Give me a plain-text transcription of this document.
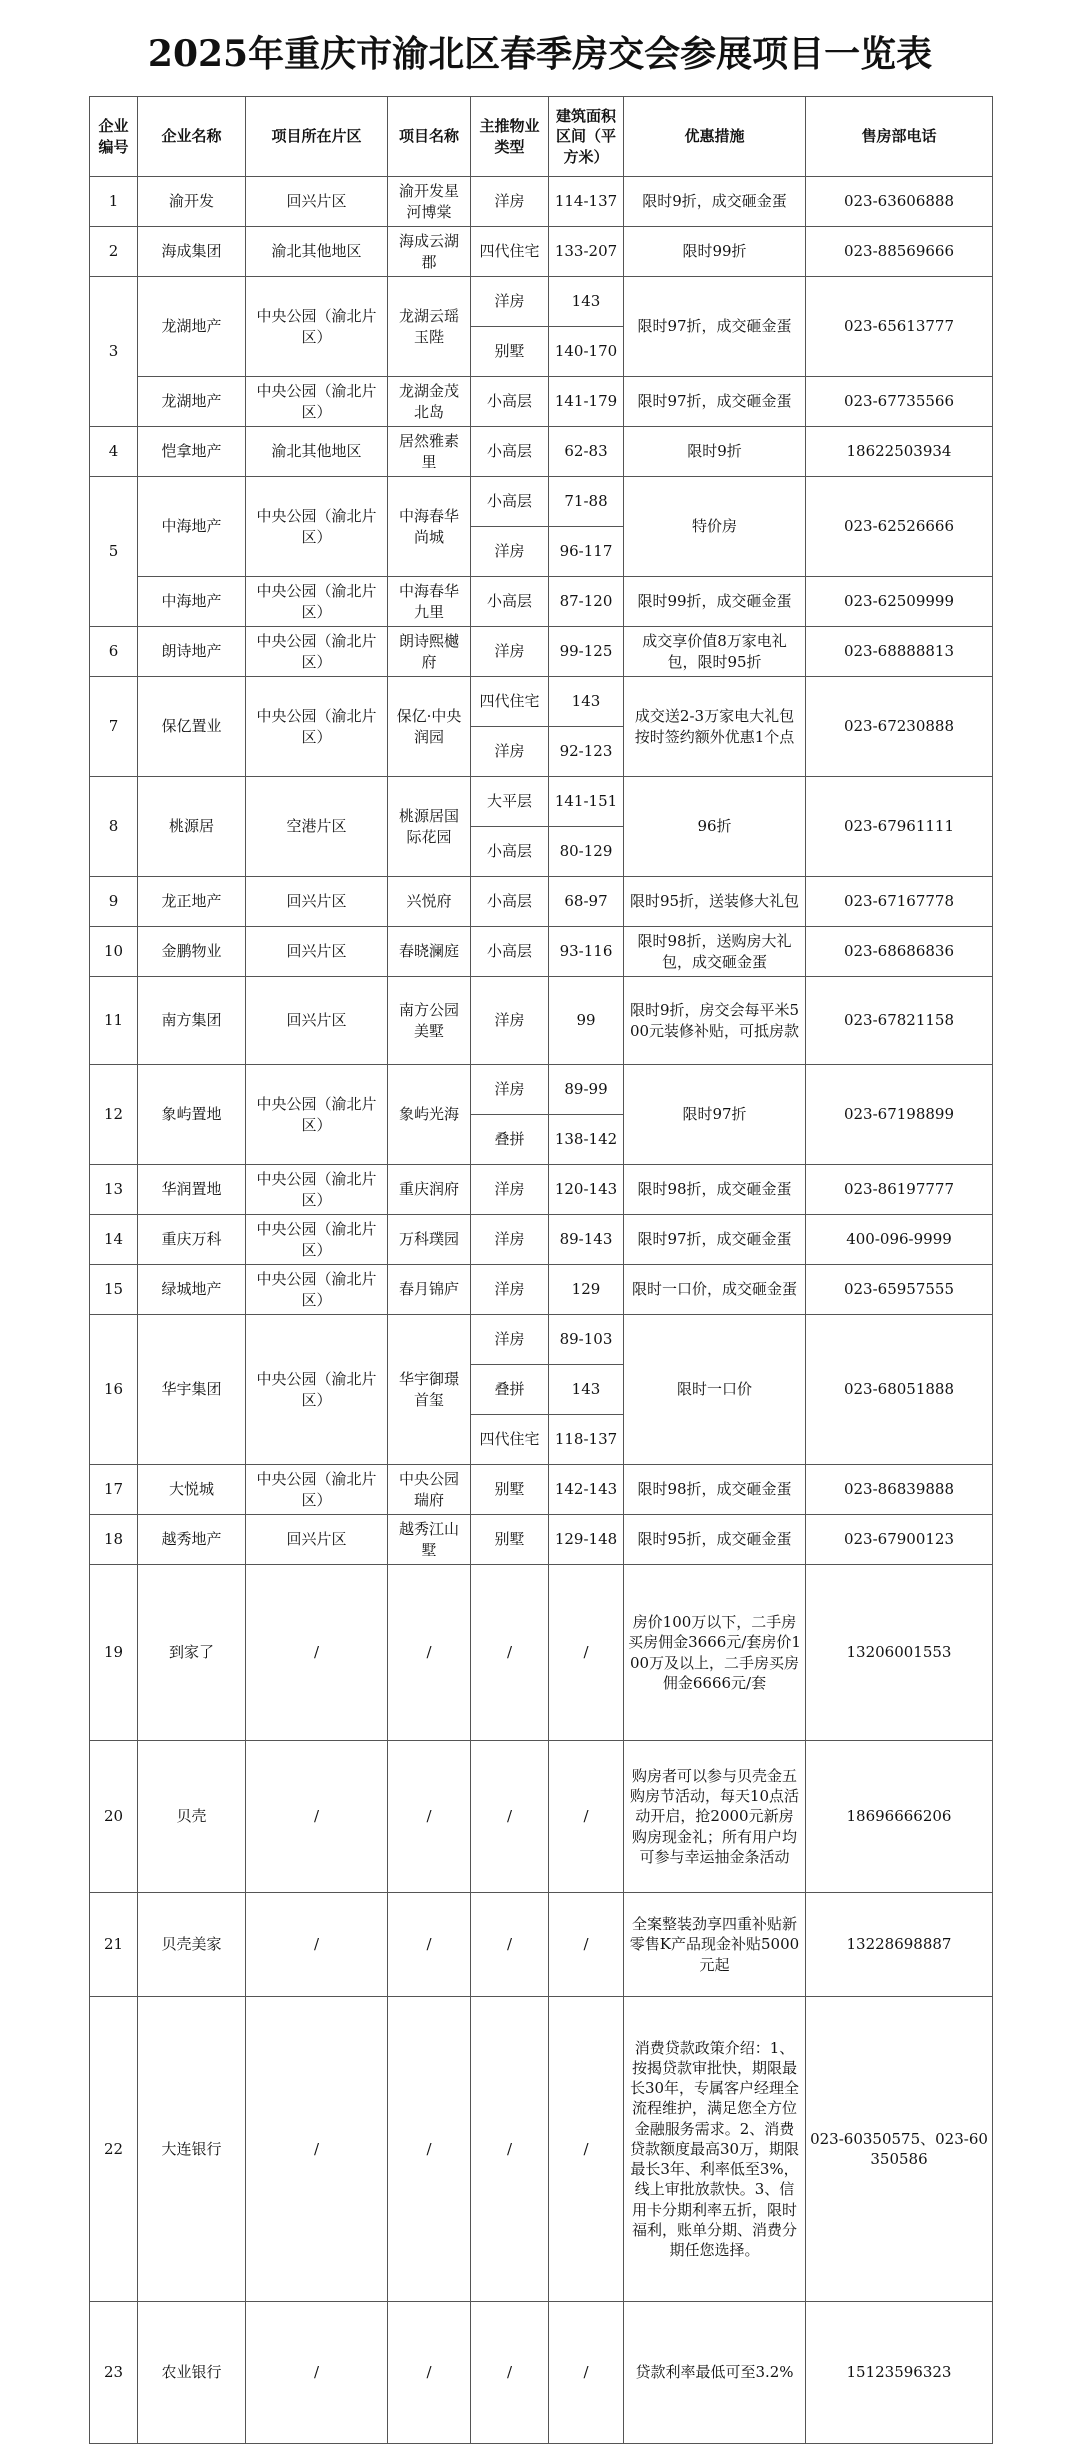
2025年重庆市渝北区春季房交会参展项目一览表
企业编号	企业名称	项目所在片区	项目名称	主推物业类型	建筑面积区间（平方米）	优惠措施	售房部电话
1	渝开发	回兴片区	渝开发星河博棠	洋房	114-137	限时9折，成交砸金蛋	023-63606888
2	海成集团	渝北其他地区	海成云湖郡	四代住宅	133-207	限时99折	023-88569666
3	龙湖地产	中央公园（渝北片区）	龙湖云瑶玉陛	洋房	143	限时97折，成交砸金蛋	023-65613777
				别墅	140-170		
	龙湖地产	中央公园（渝北片区）	龙湖金茂北岛	小高层	141-179	限时97折，成交砸金蛋	023-67735566
4	恺拿地产	渝北其他地区	居然雅素里	小高层	62-83	限时9折	18622503934
5	中海地产	中央公园（渝北片区）	中海春华尚城	小高层	71-88	特价房	023-62526666
				洋房	96-117		
	中海地产	中央公园（渝北片区）	中海春华九里	小高层	87-120	限时99折，成交砸金蛋	023-62509999
6	朗诗地产	中央公园（渝北片区）	朗诗熙樾府	洋房	99-125	成交享价值8万家电礼包，限时95折	023-68888813
7	保亿置业	中央公园（渝北片区）	保亿·中央润园	四代住宅	143	成交送2-3万家电大礼包按时签约额外优惠1个点	023-67230888
				洋房	92-123		
8	桃源居	空港片区	桃源居国际花园	大平层	141-151	96折	023-67961111
				小高层	80-129		
9	龙正地产	回兴片区	兴悦府	小高层	68-97	限时95折，送装修大礼包	023-67167778
10	金鹏物业	回兴片区	春晓澜庭	小高层	93-116	限时98折，送购房大礼包，成交砸金蛋	023-68686836
11	南方集团	回兴片区	南方公园美墅	洋房	99	限时9折，房交会每平米500元装修补贴，可抵房款	023-67821158
12	象屿置地	中央公园（渝北片区）	象屿光海	洋房	89-99	限时97折	023-67198899
				叠拼	138-142		
13	华润置地	中央公园（渝北片区）	重庆润府	洋房	120-143	限时98折，成交砸金蛋	023-86197777
14	重庆万科	中央公园（渝北片区）	万科璞园	洋房	89-143	限时97折，成交砸金蛋	400-096-9999
15	绿城地产	中央公园（渝北片区）	春月锦庐	洋房	129	限时一口价，成交砸金蛋	023-65957555
16	华宇集团	中央公园（渝北片区）	华宇御璟首玺	洋房	89-103	限时一口价	023-68051888
				叠拼	143		
				四代住宅	118-137		
17	大悦城	中央公园（渝北片区）	中央公园瑞府	别墅	142-143	限时98折，成交砸金蛋	023-86839888
18	越秀地产	回兴片区	越秀江山墅	别墅	129-148	限时95折，成交砸金蛋	023-67900123
19	到家了	/	/	/	/	房价100万以下，二手房买房佣金3666元/套房价100万及以上，二手房买房佣金6666元/套	13206001553
20	贝壳	/	/	/	/	购房者可以参与贝壳金五购房节活动，每天10点活动开启，抢2000元新房购房现金礼；所有用户均可参与幸运抽金条活动	18696666206
21	贝壳美家	/	/	/	/	全案整装劲享四重补贴新零售K产品现金补贴5000元起	13228698887
22	大连银行	/	/	/	/	消费贷款政策介绍：1、按揭贷款审批快，期限最长30年，专属客户经理全流程维护，满足您全方位金融服务需求。2、消费贷款额度最高30万，期限最长3年、利率低至3%，线上审批放款快。3、信用卡分期利率五折，限时福利，账单分期、消费分期任您选择。	023-60350575、023-60350586
23	农业银行	/	/	/	/	贷款利率最低可至3.2%	15123596323
